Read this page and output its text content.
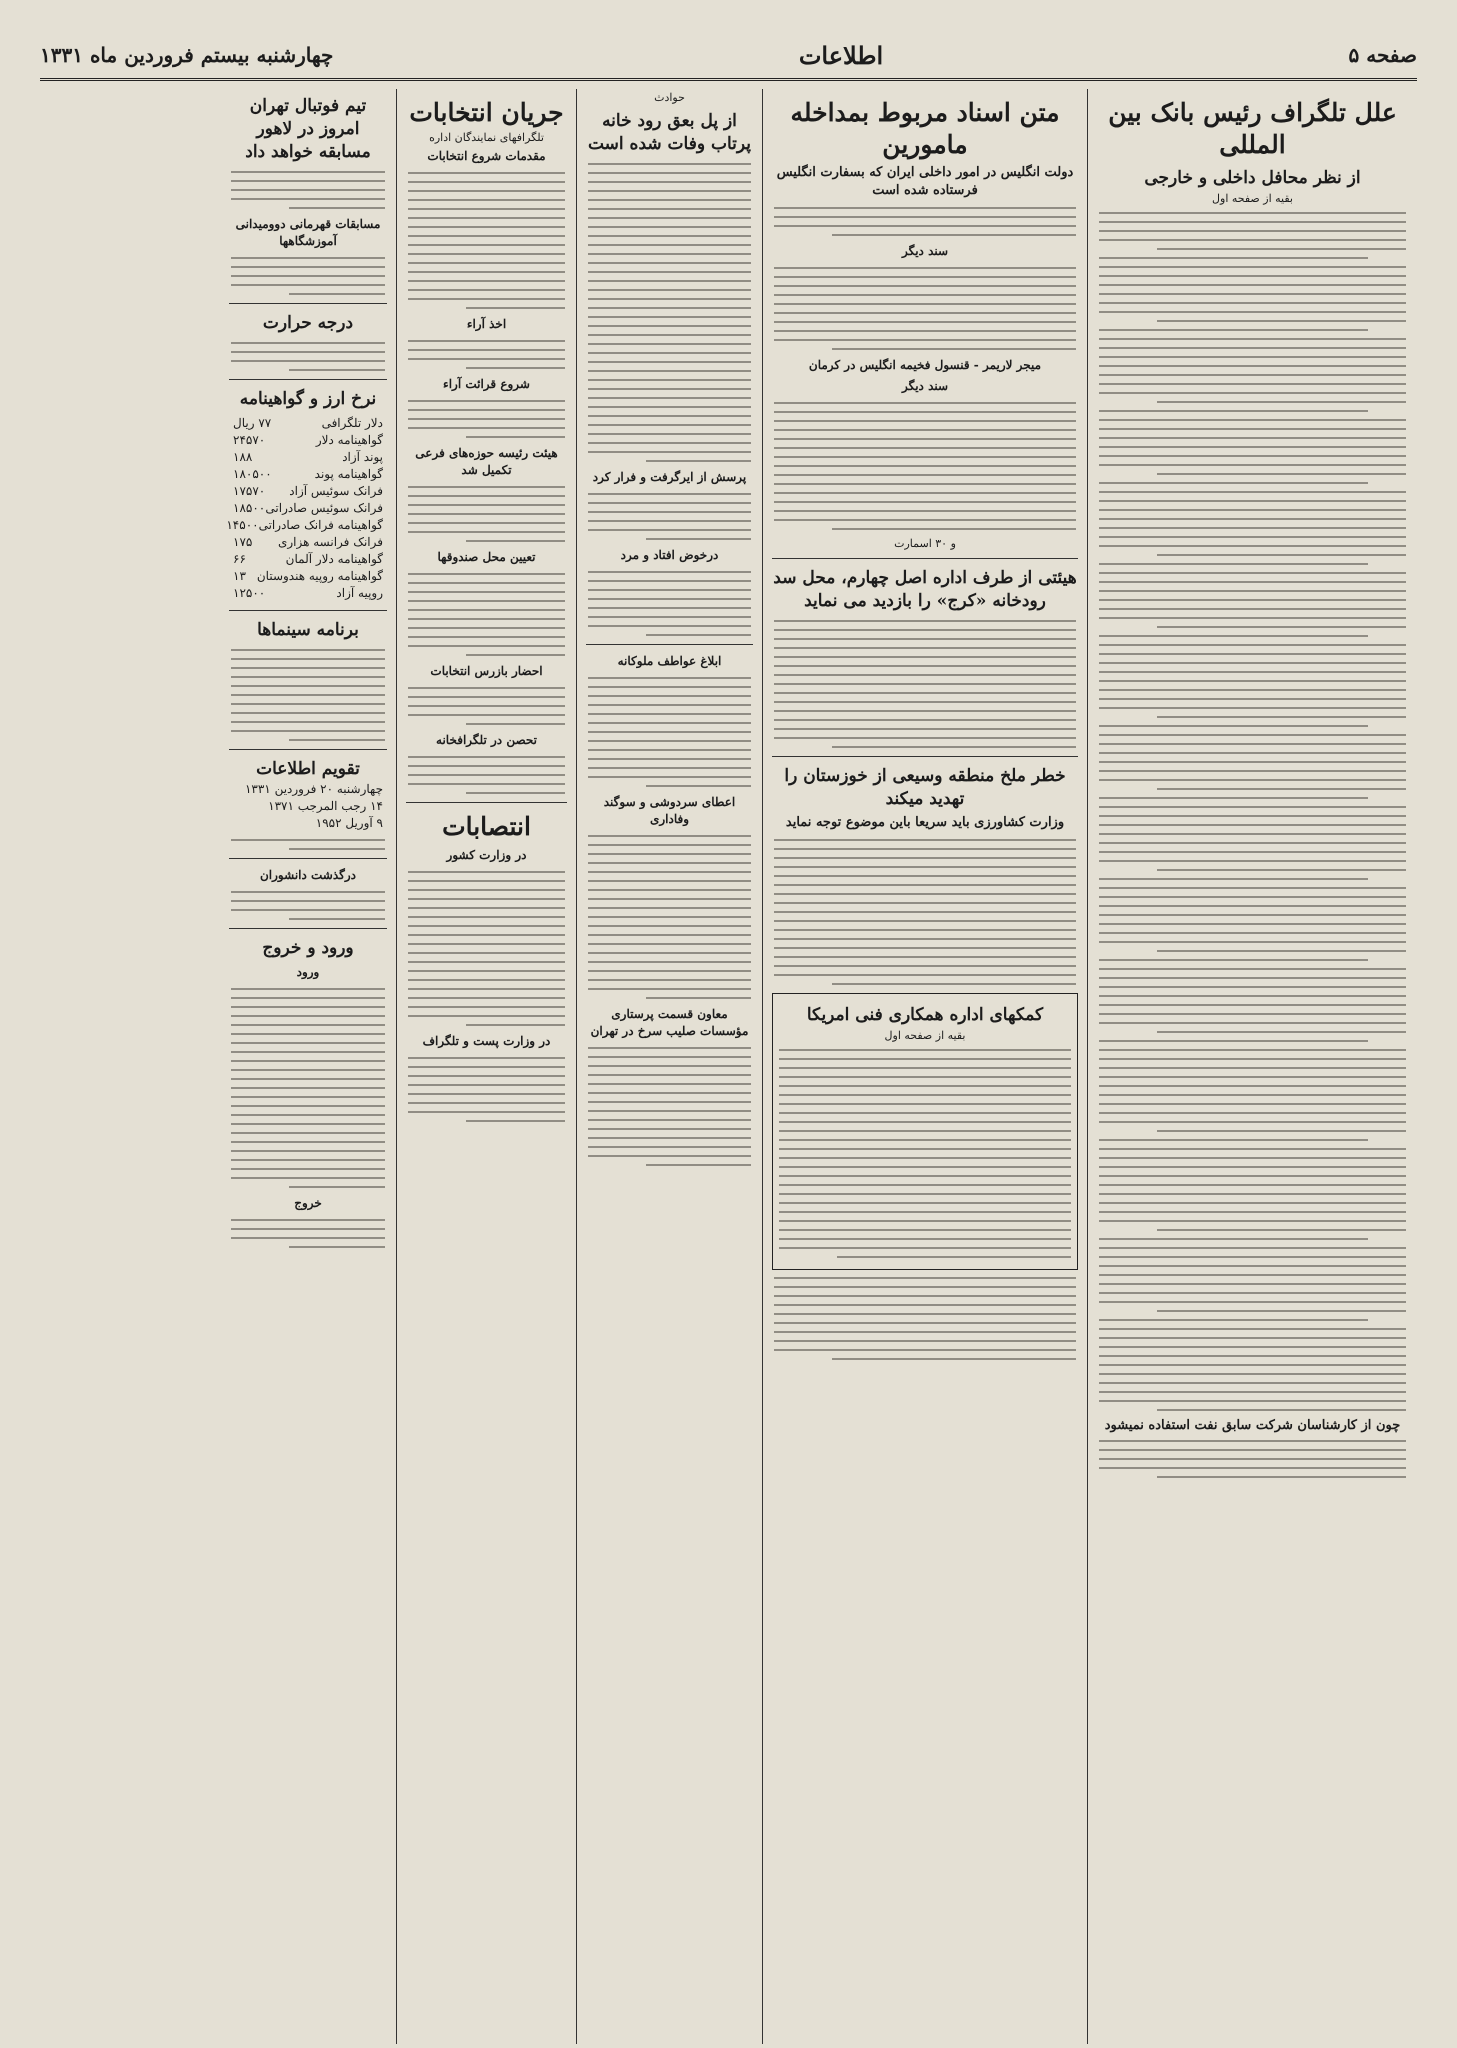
صفحه ۵
اطلاعات
چهارشنبه بیستم فروردین ماه ۱۳۳۱
علل تلگراف رئیس بانک بین المللی
از نظر محافل داخلی و خارجی
بقیه از صفحه اول
چون از کارشناسان شرکت سابق نفت استفاده نمیشود
متن اسناد مربوط بمداخله مامورین
دولت انگلیس در امور داخلی ایران که بسفارت انگلیس فرستاده شده است
سند دیگر
میجر لاریمر - قنسول فخیمه انگلیس در کرمان
سند دیگر
و ۳۰ اسمارت
هیئتی از طرف اداره اصل چهارم، محل سد رودخانه «کرج» را بازدید می نماید
خطر ملخ منطقه وسیعی از خوزستان را تهدید میکند
وزارت کشاورزی باید سریعا باین موضوع توجه نماید
کمکهای اداره همکاری فنی امریکا
بقیه از صفحه اول
حوادث
از پل بعق رود خانه پرتاب وفات شده است
پرسش از ایرگرفت و فرار کرد
درخوض افتاد و مرد
ابلاغ عواطف ملوکانه
اعطای سردوشی و سوگند وفاداری
معاون قسمت پرستاری مؤسسات صلیب سرخ در تهران
جریان انتخابات
تلگرافهای نمایندگان اداره
مقدمات شروع انتخابات
اخذ آراء
شروع قرائت آراء
هیئت رئیسه حوزه‌های فرعی تکمیل شد
تعیین محل صندوقها
احضار بازرس انتخابات
تحصن در تلگرافخانه
انتصابات
در وزارت کشور
در وزارت پست و تلگراف
تیم فوتبال تهران امروز در لاهور مسابقه خواهد داد
مسابقات قهرمانی دوومیدانی آموزشگاهها
درجه حرارت
نرخ ارز و گواهینامه
دلار تلگرافی
۷۷ ریال
گواهینامه دلار
۲۴۵۷۰
پوند آزاد
۱۸۸
گواهینامه پوند
۱۸۰۵۰۰
فرانک سوئیس آزاد
۱۷۵۷۰
فرانک سوئیس صادراتی
۱۸۵۰۰
گواهینامه فرانک صادراتی
۱۴۵۰۰
فرانک فرانسه هزاری
۱۷۵
گواهینامه دلار آلمان
۶۶
گواهینامه روپیه هندوستان
۱۳
روپیه آزاد
۱۲۵۰۰
برنامه سینماها
تقویم اطلاعات
چهارشنبه ۲۰ فروردین ۱۳۳۱
۱۴ رجب المرجب ۱۳۷۱
۹ آوریل ۱۹۵۲
درگذشت دانشوران
ورود و خروج
ورود
خروج
